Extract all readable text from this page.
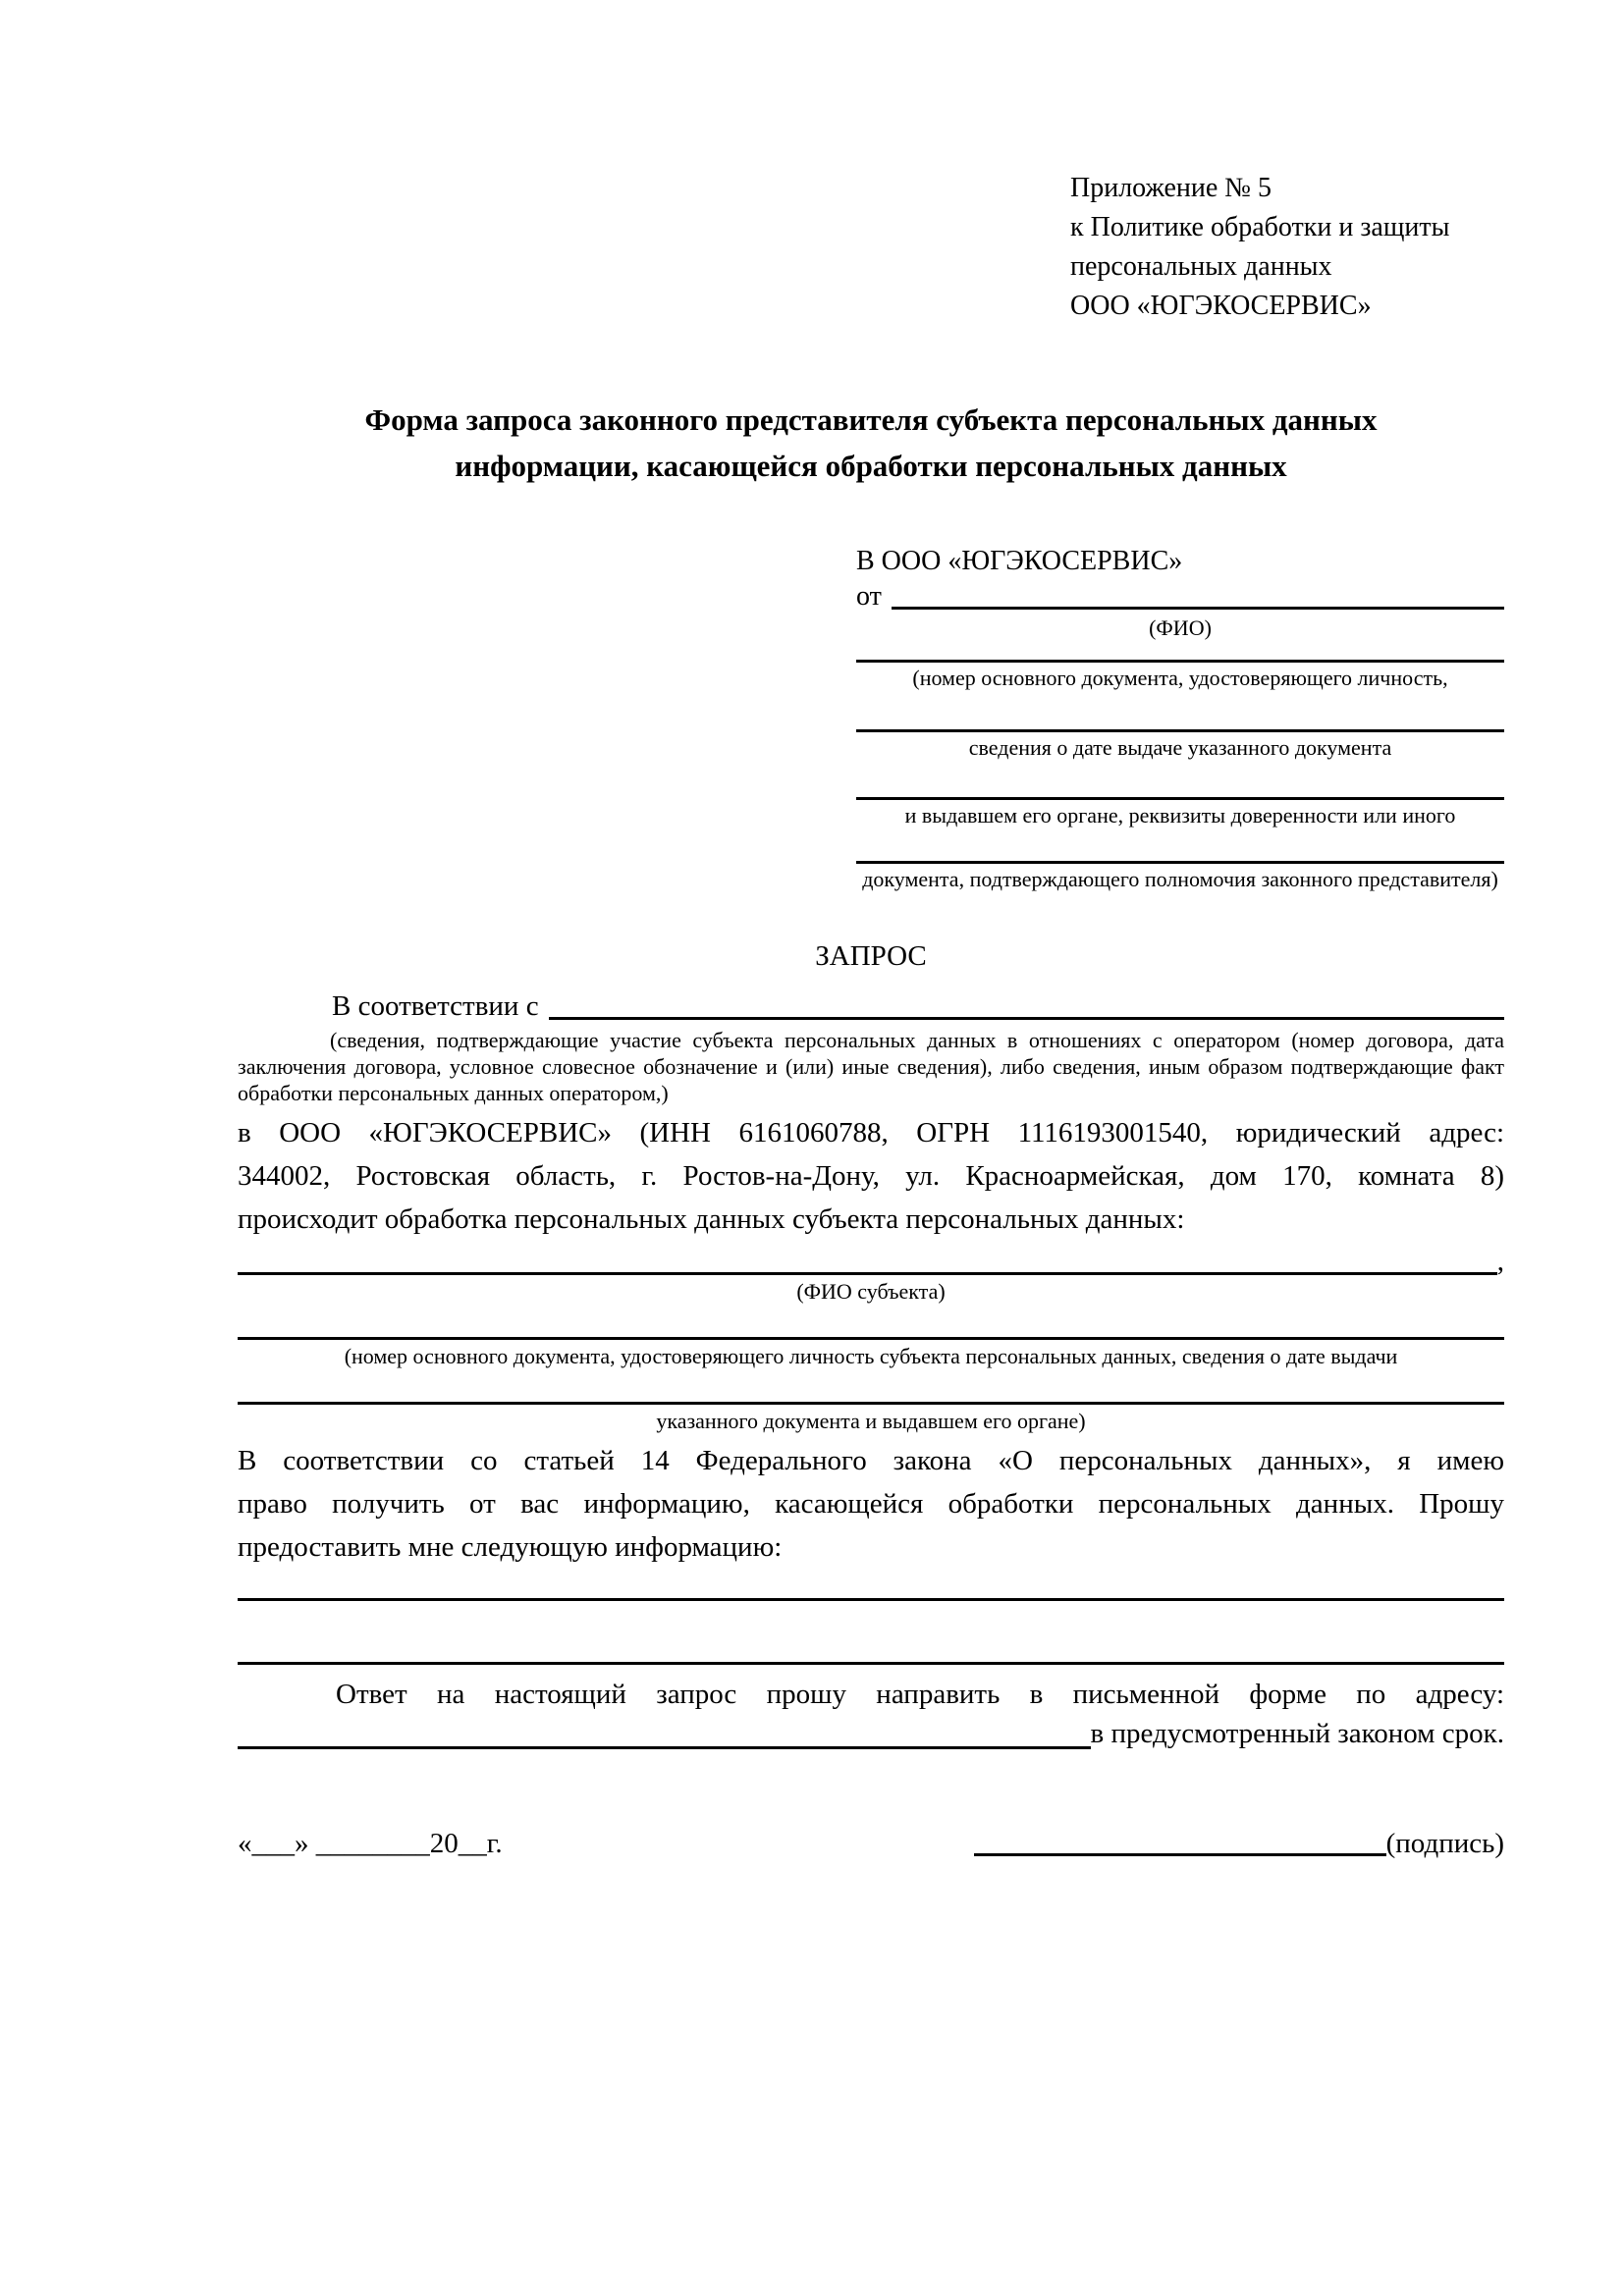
Приложение № 5
к Политике обработки и защиты
персональных данных
ООО «ЮГЭКОСЕРВИС»
Форма запроса законного представителя субъекта персональных данных
информации, касающейся обработки персональных данных
В ООО «ЮГЭКОСЕРВИС»
от
(ФИО)
(номер основного документа, удостоверяющего личность,
сведения о дате выдаче указанного документа
и выдавшем его органе, реквизиты доверенности или иного
документа, подтверждающего полномочия законного представителя)
ЗАПРОС
В соответствии с
(сведения, подтверждающие участие субъекта персональных данных в отношениях с оператором (номер договора, дата
заключения договора, условное словесное обозначение и (или) иные сведения), либо сведения, иным образом подтверждающие факт
обработки персональных данных оператором,)
в ООО «ЮГЭКОСЕРВИС» (ИНН 6161060788, ОГРН 1116193001540, юридический адрес:
344002, Ростовская область, г. Ростов-на-Дону, ул. Красноармейская, дом 170, комната 8)
происходит обработка персональных данных субъекта персональных данных:
,
(ФИО субъекта)
(номер основного документа, удостоверяющего личность субъекта персональных данных, сведения о дате выдачи
указанного документа и выдавшем его органе)
В соответствии со статьей 14 Федерального закона «О персональных данных», я имею
право получить от вас информацию, касающейся обработки персональных данных. Прошу
предоставить мне следующую информацию:
Ответ на настоящий запрос прошу направить в письменной форме по адресу:
в предусмотренный законом срок.
«___» ________20__г.	(подпись)
